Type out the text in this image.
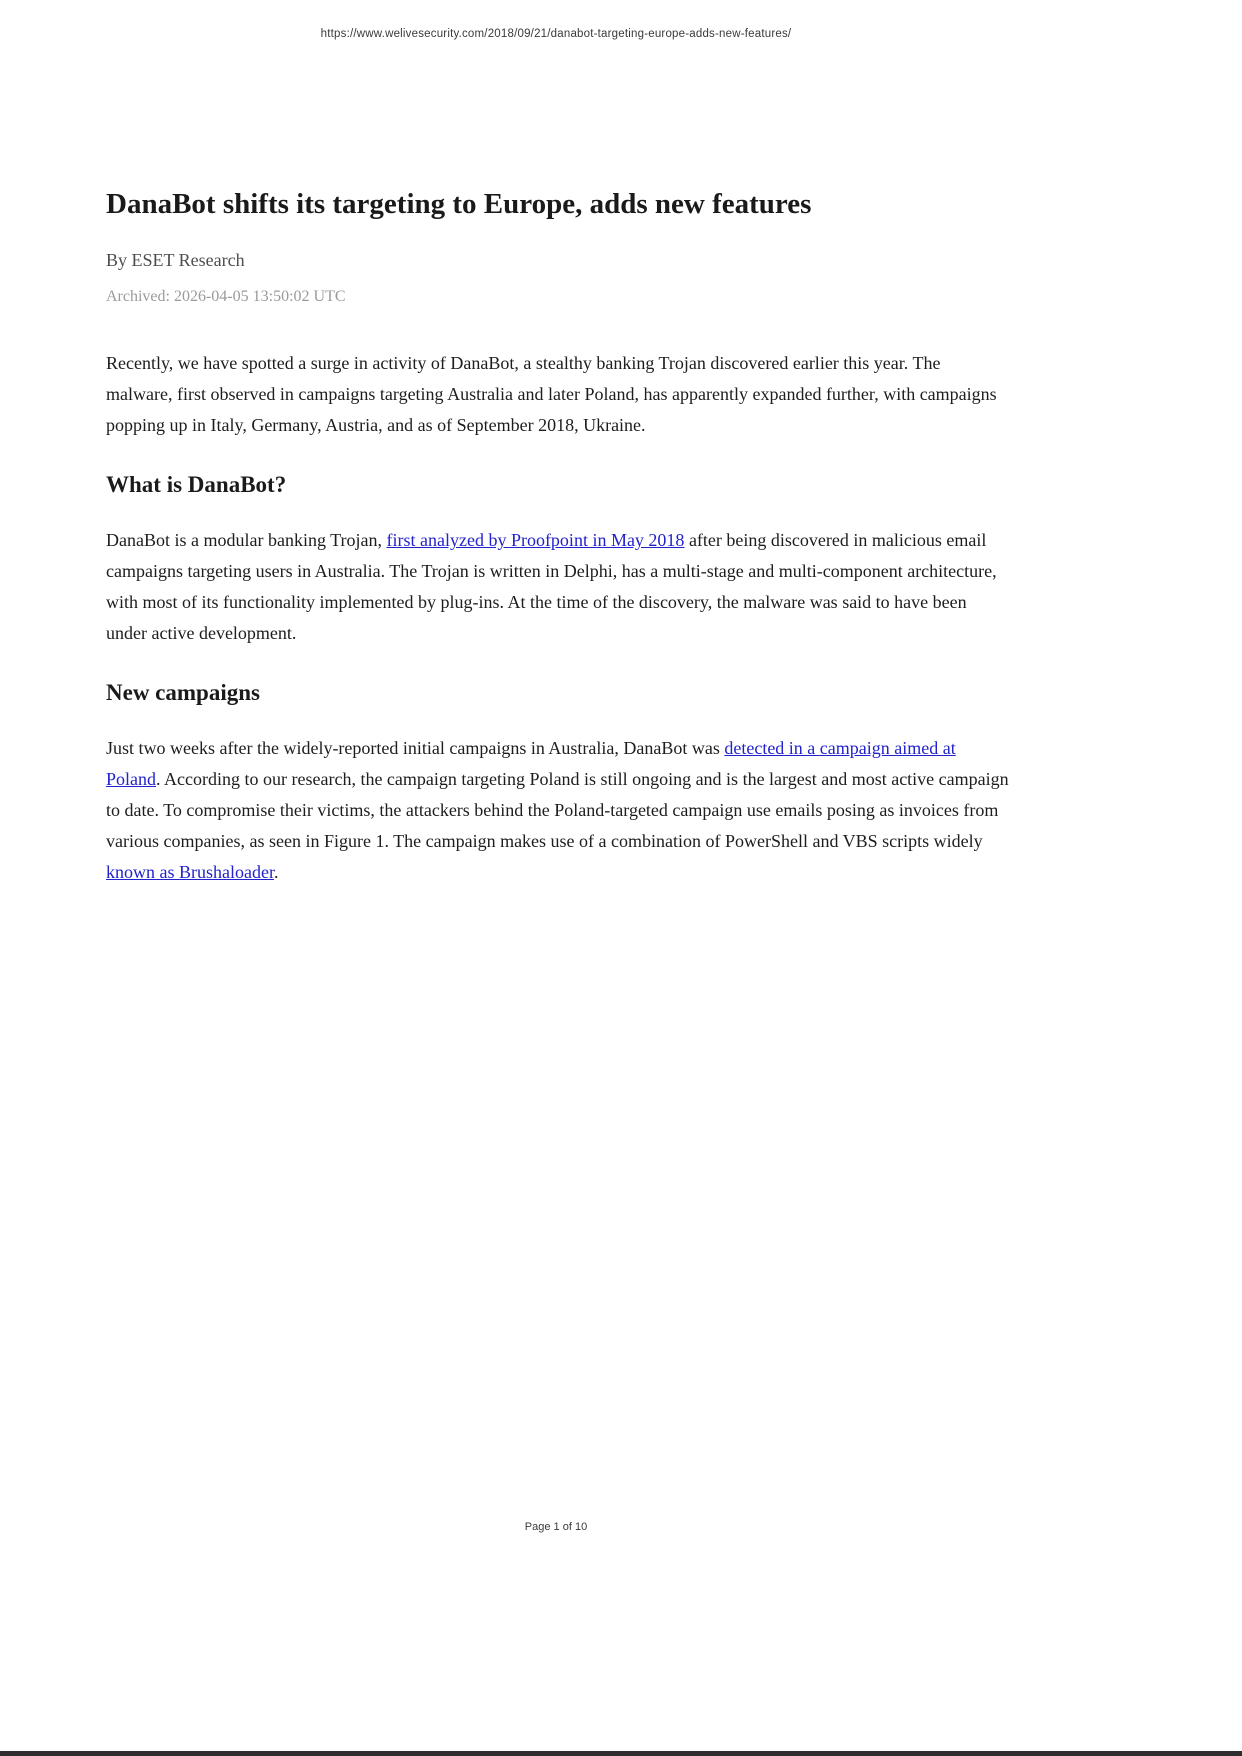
https://www.welivesecurity.com/2018/09/21/danabot-targeting-europe-adds-new-features/
DanaBot shifts its targeting to Europe, adds new features

By ESET Research

Archived: 2026-04-05 13:50:02 UTC

Recently, we have spotted a surge in activity of DanaBot, a stealthy banking Trojan discovered earlier this year. The malware, first observed in campaigns targeting Australia and later Poland, has apparently expanded further, with campaigns popping up in Italy, Germany, Austria, and as of September 2018, Ukraine.

What is DanaBot?

DanaBot is a modular banking Trojan, first analyzed by Proofpoint in May 2018 after being discovered in malicious email campaigns targeting users in Australia. The Trojan is written in Delphi, has a multi-stage and multi-component architecture, with most of its functionality implemented by plug-ins. At the time of the discovery, the malware was said to have been under active development.

New campaigns

Just two weeks after the widely-reported initial campaigns in Australia, DanaBot was detected in a campaign aimed at Poland. According to our research, the campaign targeting Poland is still ongoing and is the largest and most active campaign to date. To compromise their victims, the attackers behind the Poland-targeted campaign use emails posing as invoices from various companies, as seen in Figure 1. The campaign makes use of a combination of PowerShell and VBS scripts widely known as Brushaloader.

Page 1 of 10
